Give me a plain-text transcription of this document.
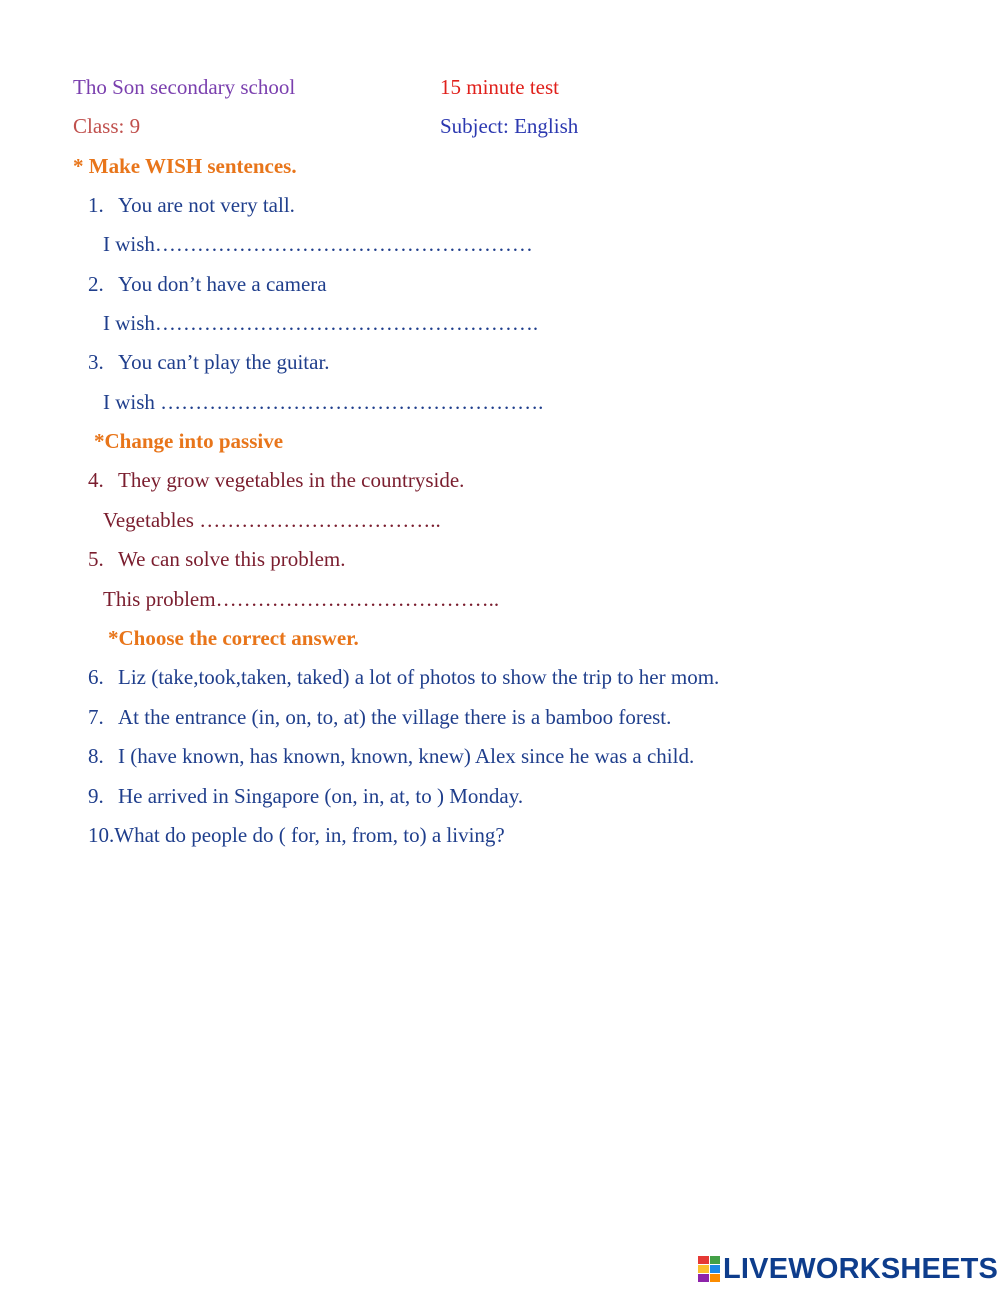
Tho Son secondary school	15 minute test
Class: 9	Subject: English
* Make WISH sentences.
1. You are not very tall.
I wish………………………………………………
2. You don’t have a camera
I wish……………………………………………….
3. You can’t play the guitar.
I wish ……………………………………………….
*Change into passive
4. They grow vegetables in the countryside.
Vegetables ……………………………..
5. We can solve this problem.
This problem…………………………………..
*Choose the correct answer.
6. Liz (take,took,taken, taked) a lot of photos to show the trip to her mom.
7. At the entrance (in, on, to, at) the village there is a bamboo forest.
8. I (have known, has known, known, knew) Alex since he was a child.
9. He arrived in Singapore (on, in, at, to ) Monday.
10.What do people do ( for, in, from, to) a living?
LIVEWORKSHEETS
